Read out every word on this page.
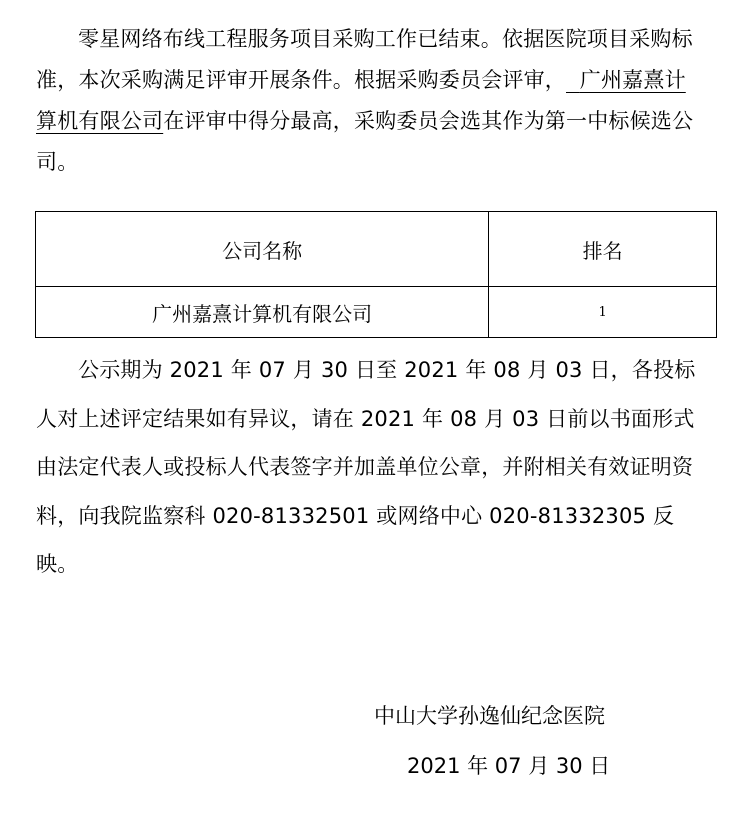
零星网络布线工程服务项目采购工作已结束。依据医院项目采购标准，本次采购满足评审开展条件。根据采购委员会评审， 广州嘉熹计算机有限公司在评审中得分最高，采购委员会选其作为第一中标候选公司。

公司名称	排名
广州嘉熹计算机有限公司	1

公示期为 2021 年 07 月 30 日至 2021 年 08 月 03 日，各投标人对上述评定结果如有异议，请在 2021 年 08 月 03 日前以书面形式由法定代表人或投标人代表签字并加盖单位公章，并附相关有效证明资料，向我院监察科 020-81332501 或网络中心 020-81332305 反映。

中山大学孙逸仙纪念医院

2021 年 07 月 30 日
